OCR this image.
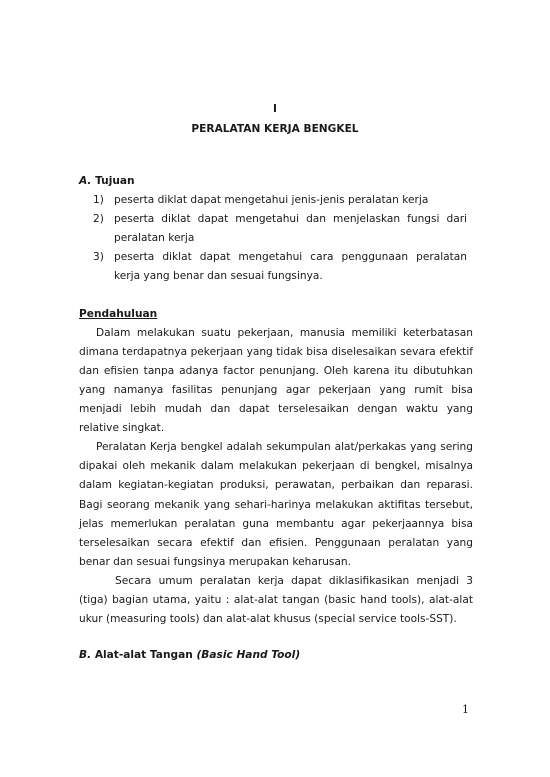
I
PERALATAN KERJA BENGKEL
A. Tujuan
1) peserta diklat dapat mengetahui jenis-jenis peralatan kerja
2) peserta diklat dapat mengetahui dan menjelaskan fungsi dari peralatan kerja
3) peserta diklat dapat mengetahui cara penggunaan peralatan kerja yang benar dan sesuai fungsinya.
Pendahuluan

Dalam melakukan suatu pekerjaan, manusia memiliki keterbatasan dimana terdapatnya pekerjaan yang tidak bisa diselesaikan sevara efektif dan efisien tanpa adanya factor penunjang. Oleh karena itu dibutuhkan yang namanya fasilitas penunjang agar pekerjaan yang rumit bisa menjadi lebih mudah dan dapat terselesaikan dengan waktu yang relative singkat.

Peralatan Kerja bengkel adalah sekumpulan alat/perkakas yang sering dipakai oleh mekanik dalam melakukan pekerjaan di bengkel, misalnya dalam kegiatan-kegiatan produksi, perawatan, perbaikan dan reparasi. Bagi seorang mekanik yang sehari-harinya melakukan aktifitas tersebut, jelas memerlukan peralatan guna membantu agar pekerjaannya bisa terselesaikan secara efektif dan efisien. Penggunaan peralatan yang benar dan sesuai fungsinya merupakan keharusan.

Secara umum peralatan kerja dapat diklasifikasikan menjadi 3 (tiga) bagian utama, yaitu : alat-alat tangan (basic hand tools), alat-alat ukur (measuring tools) dan alat-alat khusus (special service tools-SST).

B. Alat-alat Tangan (Basic Hand Tool)
1
